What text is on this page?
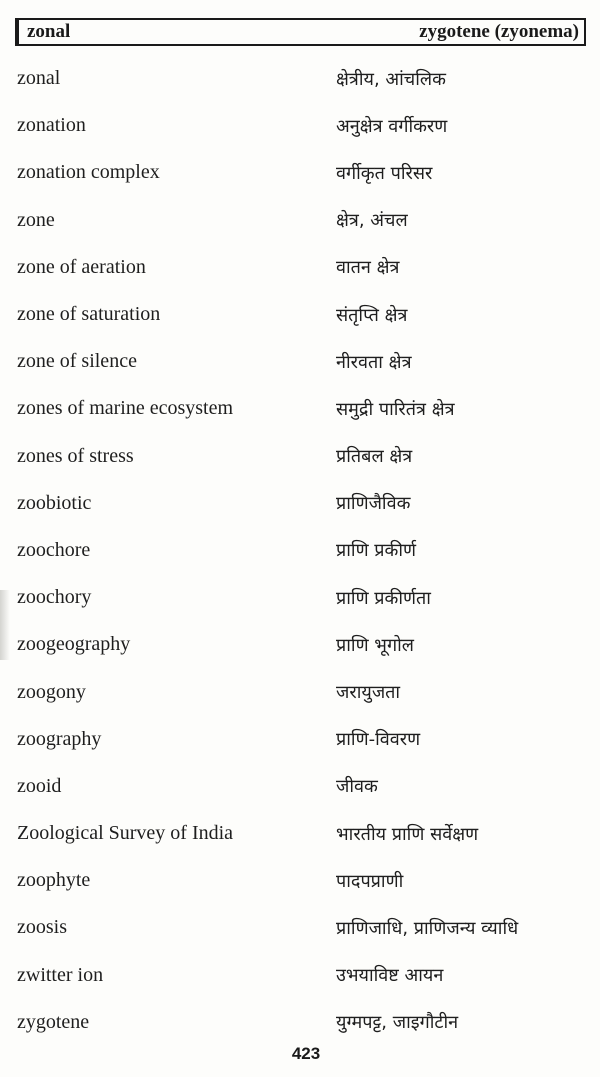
zonal	zygotene (zyonema)
zonal	क्षेत्रीय, आंचलिक
zonation	अनुक्षेत्र वर्गीकरण
zonation complex	वर्गीकृत परिसर
zone	क्षेत्र, अंचल
zone of aeration	वातन क्षेत्र
zone of saturation	संतृप्ति क्षेत्र
zone of silence	नीरवता क्षेत्र
zones of marine ecosystem	समुद्री पारितंत्र क्षेत्र
zones of stress	प्रतिबल क्षेत्र
zoobiotic	प्राणिजैविक
zoochore	प्राणि प्रकीर्ण
zoochory	प्राणि प्रकीर्णता
zoogeography	प्राणि भूगोल
zoogony	जरायुजता
zoography	प्राणि-विवरण
zooid	जीवक
Zoological Survey of India	भारतीय प्राणि सर्वेक्षण
zoophyte	पादपप्राणी
zoosis	प्राणिजाधि, प्राणिजन्य व्याधि
zwitter ion	उभयाविष्ट आयन
zygotene	युग्मपट्ट, जाइगौटीन
423
